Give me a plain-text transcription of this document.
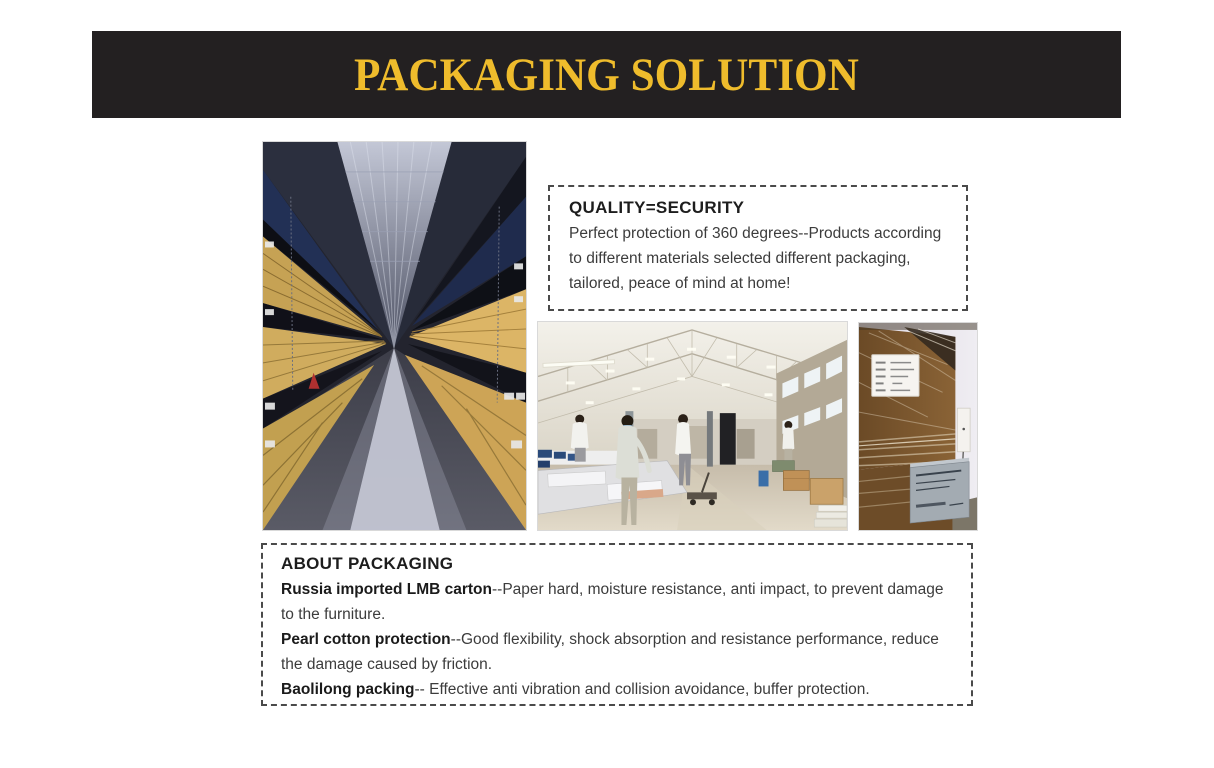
PACKAGING SOLUTION
QUALITY=SECURITY

Perfect protection of 360 degrees--Products according to different materials selected different packaging, tailored, peace of mind at home!

ABOUT PACKAGING

Russia imported LMB carton--Paper hard, moisture resistance, anti impact, to prevent damage to the furniture.

Pearl cotton protection--Good flexibility, shock absorption and resistance performance, reduce the damage caused by friction.

Baolilong packing-- Effective anti vibration and collision avoidance, buffer protection.
